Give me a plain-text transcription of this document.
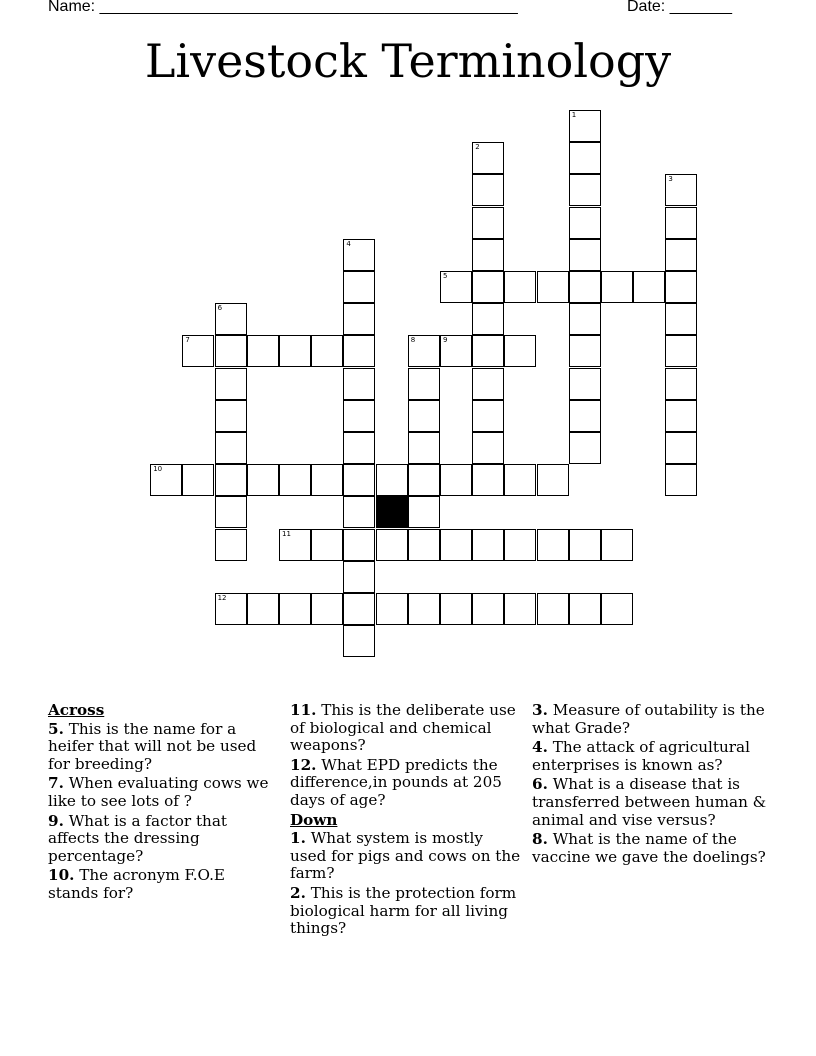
Name: _______________________________________________	Date: _______
Livestock Terminology
1
2
3
4
5
6
7	8	9
10
11
12
Across
5. This is the name for a heifer that will not be used for breeding?
7. When evaluating cows we like to see lots of ?
9. What is a factor that affects the dressing percentage?
10. The acronym F.O.E stands for?
11. This is the deliberate use of biological and chemical weapons?
12. What EPD predicts the difference,in pounds at 205 days of age?
Down
1. What system is mostly used for pigs and cows on the farm?
2. This is the protection form biological harm for all living things?
3. Measure of outability is the what Grade?
4. The attack of agricultural enterprises is known as?
6. What is a disease that is transferred between human & animal and vise versus?
8. What is the name of the vaccine we gave the doelings?
